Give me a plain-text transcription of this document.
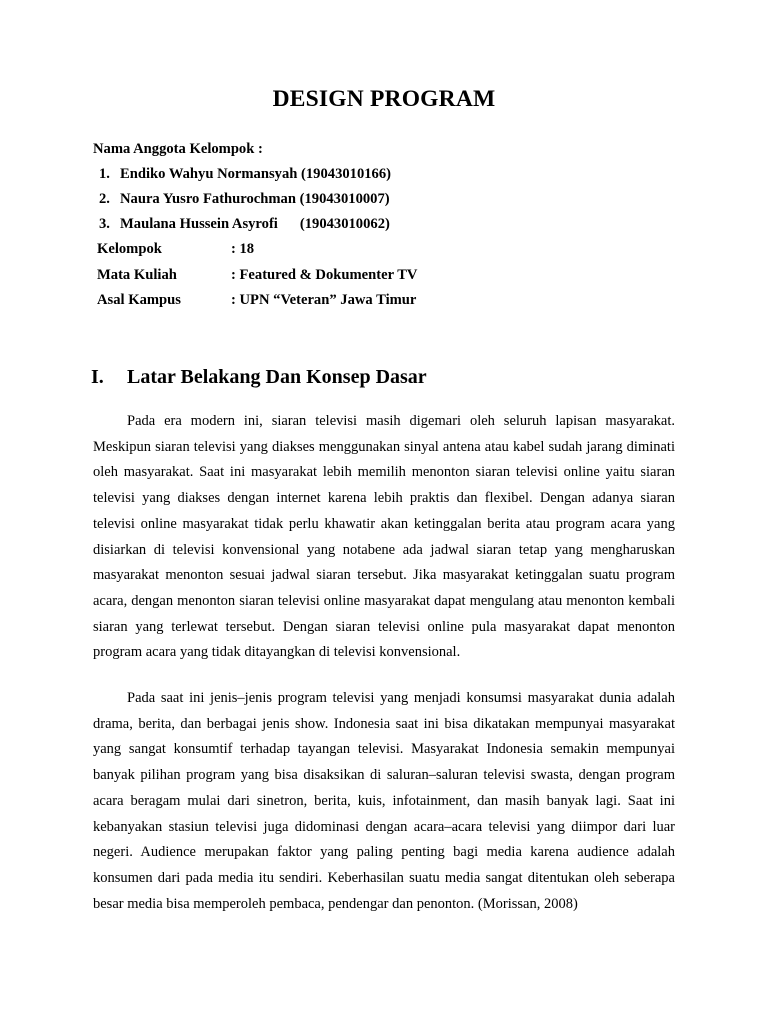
DESIGN PROGRAM
Nama Anggota Kelompok :
1. Endiko Wahyu Normansyah (19043010166)
2. Naura Yusro Fathurochman (19043010007)
3. Maulana Hussein Asyrofi (19043010062)
Kelompok	: 18
Mata Kuliah	: Featured & Dokumenter TV
Asal Kampus	: UPN “Veteran” Jawa Timur
I. Latar Belakang Dan Konsep Dasar

Pada era modern ini, siaran televisi masih digemari oleh seluruh lapisan masyarakat. Meskipun siaran televisi yang diakses menggunakan sinyal antena atau kabel sudah jarang diminati oleh masyarakat. Saat ini masyarakat lebih memilih menonton siaran televisi online yaitu siaran televisi yang diakses dengan internet karena lebih praktis dan flexibel. Dengan adanya siaran televisi online masyarakat tidak perlu khawatir akan ketinggalan berita atau program acara yang disiarkan di televisi konvensional yang notabene ada jadwal siaran tetap yang mengharuskan masyarakat menonton sesuai jadwal siaran tersebut. Jika masyarakat ketinggalan suatu program acara, dengan menonton siaran televisi online masyarakat dapat mengulang atau menonton kembali siaran yang terlewat tersebut. Dengan siaran televisi online pula masyarakat dapat menonton program acara yang tidak ditayangkan di televisi konvensional.

Pada saat ini jenis–jenis program televisi yang menjadi konsumsi masyarakat dunia adalah drama, berita, dan berbagai jenis show. Indonesia saat ini bisa dikatakan mempunyai masyarakat yang sangat konsumtif terhadap tayangan televisi. Masyarakat Indonesia semakin mempunyai banyak pilihan program yang bisa disaksikan di saluran–saluran televisi swasta, dengan program acara beragam mulai dari sinetron, berita, kuis, infotainment, dan masih banyak lagi. Saat ini kebanyakan stasiun televisi juga didominasi dengan acara–acara televisi yang diimpor dari luar negeri. Audience merupakan faktor yang paling penting bagi media karena audience adalah konsumen dari pada media itu sendiri. Keberhasilan suatu media sangat ditentukan oleh seberapa besar media bisa memperoleh pembaca, pendengar dan penonton. (Morissan, 2008)
